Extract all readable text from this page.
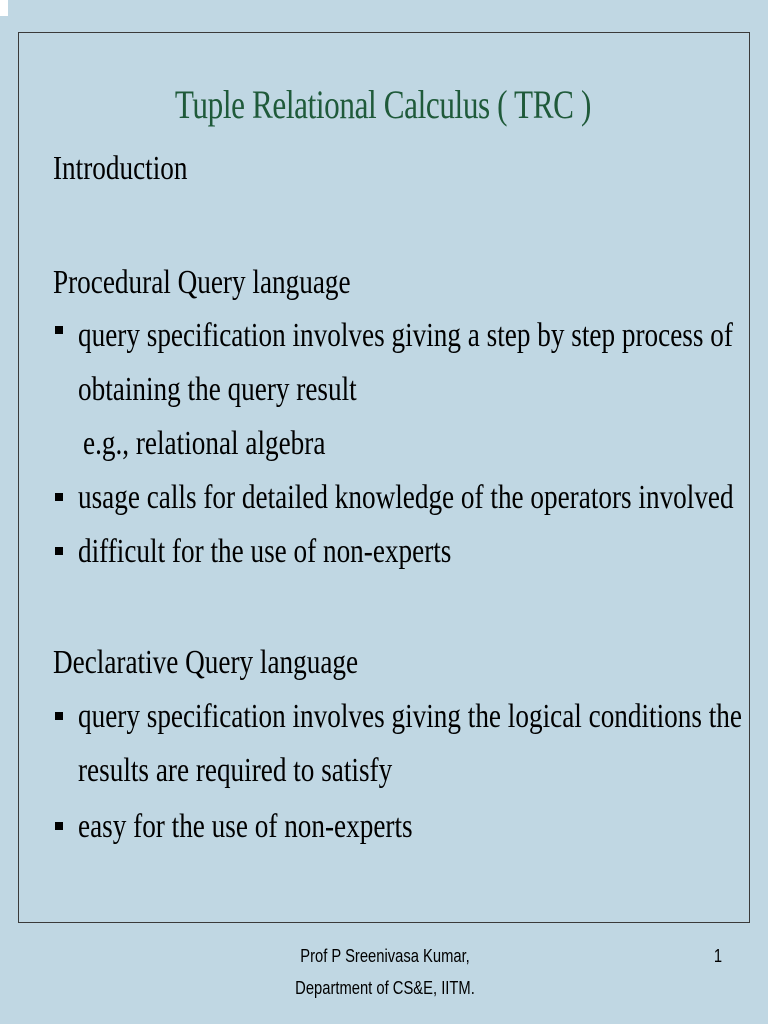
Tuple Relational Calculus ( TRC )
Introduction
Procedural Query language
query specification involves giving a step by step process of
obtaining the query result
e.g., relational algebra
usage calls for detailed knowledge of the operators involved
difficult for the use of non-experts
Declarative Query language
query specification involves giving the logical conditions the
results are required to satisfy
easy for the use of non-experts
Prof P Sreenivasa Kumar,
Department of CS&E, IITM.
1
